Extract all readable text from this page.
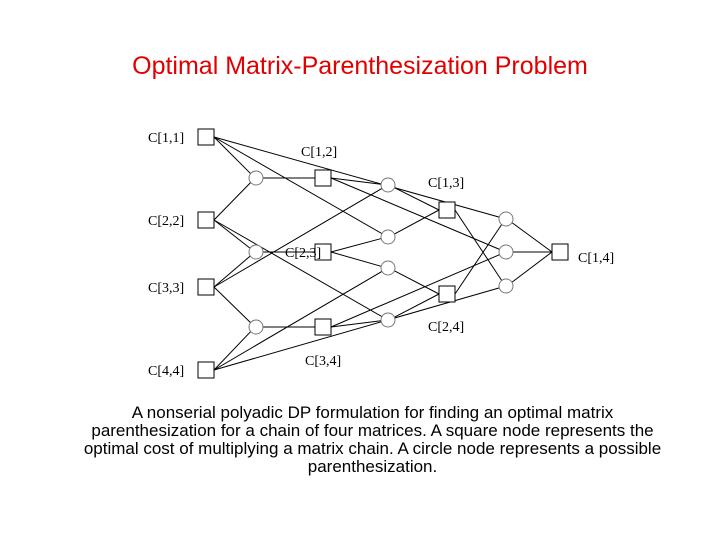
Optimal Matrix-Parenthesization Problem
C[1,1]
C[2,2]
C[3,3]
C[4,4]
C[1,2]
C[2,3]
C[3,4]
C[1,3]
C[2,4]
C[1,4]
A nonserial polyadic DP formulation for finding an optimal matrix parenthesization for a chain of four matrices. A square node represents the optimal cost of multiplying a matrix chain. A circle node represents a possible parenthesization.
